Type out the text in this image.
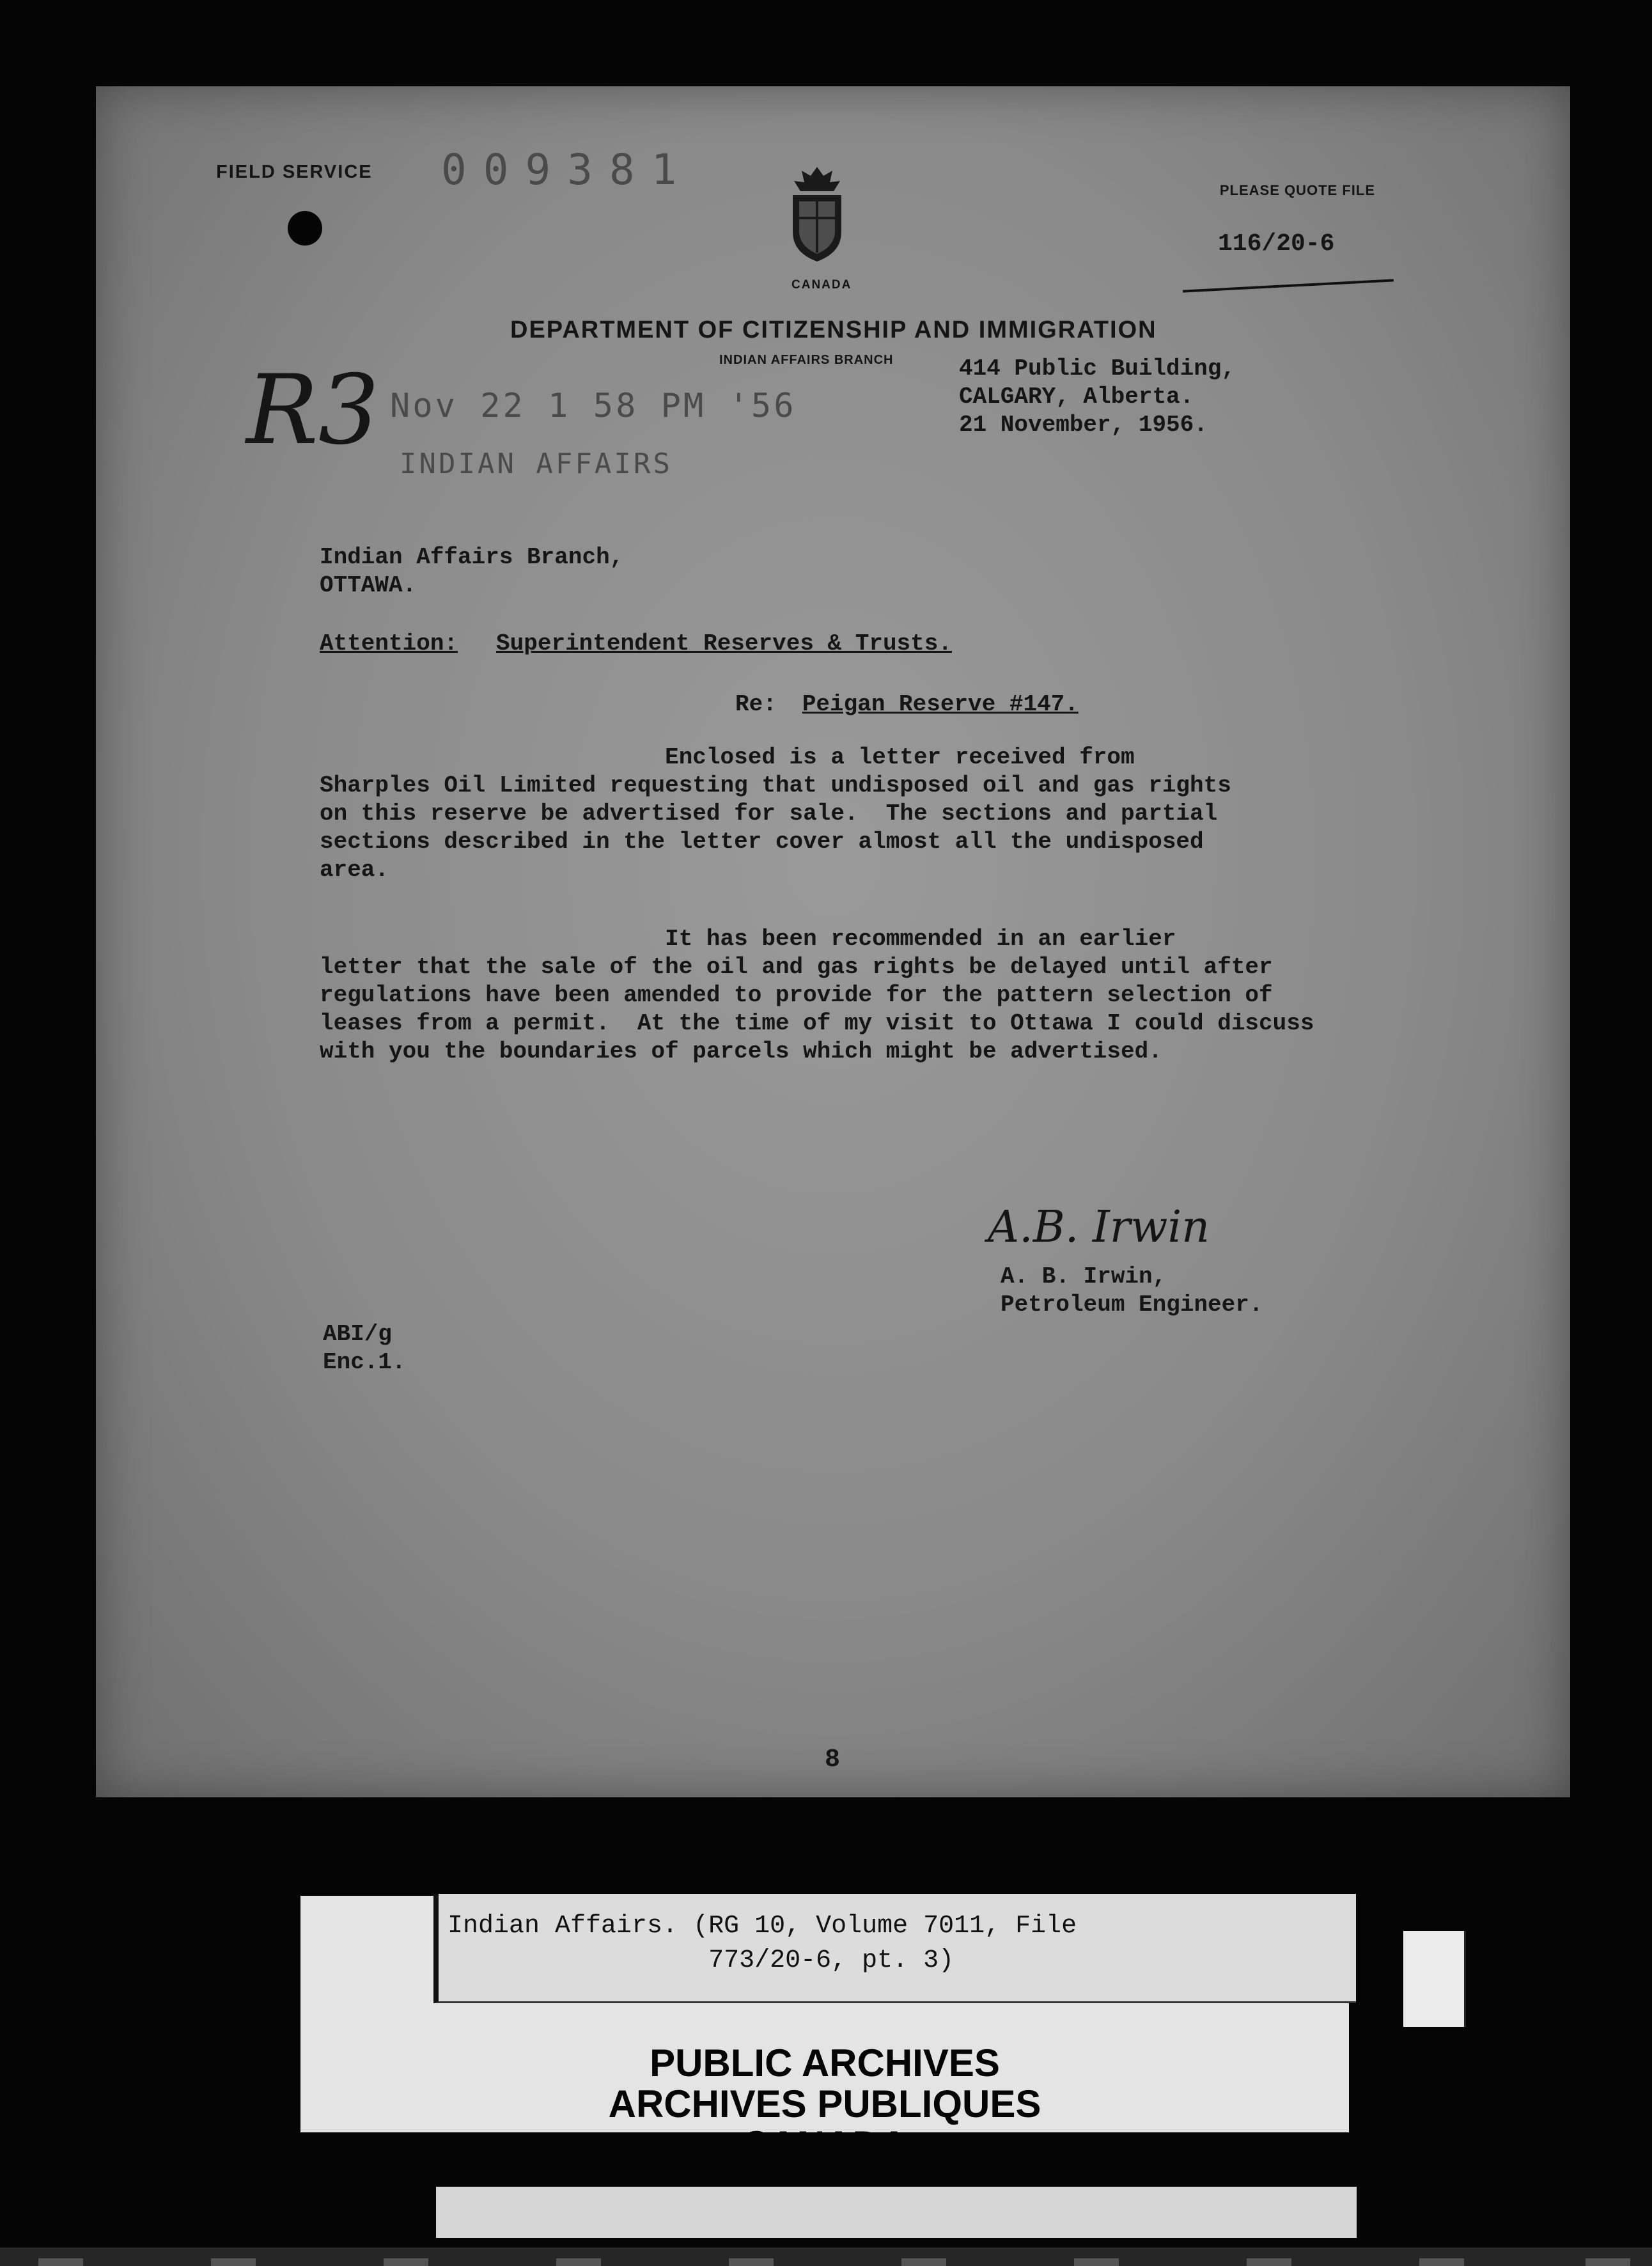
FIELD SERVICE 009381
CANADA
PLEASE QUOTE FILE
116/20-6
DEPARTMENT OF CITIZENSHIP AND IMMIGRATION
INDIAN AFFAIRS BRANCH	414 Public Building,
CALGARY, Alberta.
21 November, 1956.
R3 Nov 22 1 58 PM '56
INDIAN AFFAIRS
Indian Affairs Branch,
OTTAWA.
Attention: Superintendent Reserves & Trusts.
Re: Peigan Reserve #147.
Enclosed is a letter received from
Sharples Oil Limited requesting that undisposed oil and gas rights
on this reserve be advertised for sale.  The sections and partial
sections described in the letter cover almost all the undisposed
area.
It has been recommended in an earlier
letter that the sale of the oil and gas rights be delayed until after
regulations have been amended to provide for the pattern selection of
leases from a permit.  At the time of my visit to Ottawa I could discuss
with you the boundaries of parcels which might be advertised.
A.B. Irwin
A. B. Irwin,
Petroleum Engineer.
ABI/g
Enc.1.
8
Indian Affairs. (RG 10, Volume 7011, File
773/20-6, pt. 3)
PUBLIC ARCHIVES
ARCHIVES PUBLIQUES
CANADA
